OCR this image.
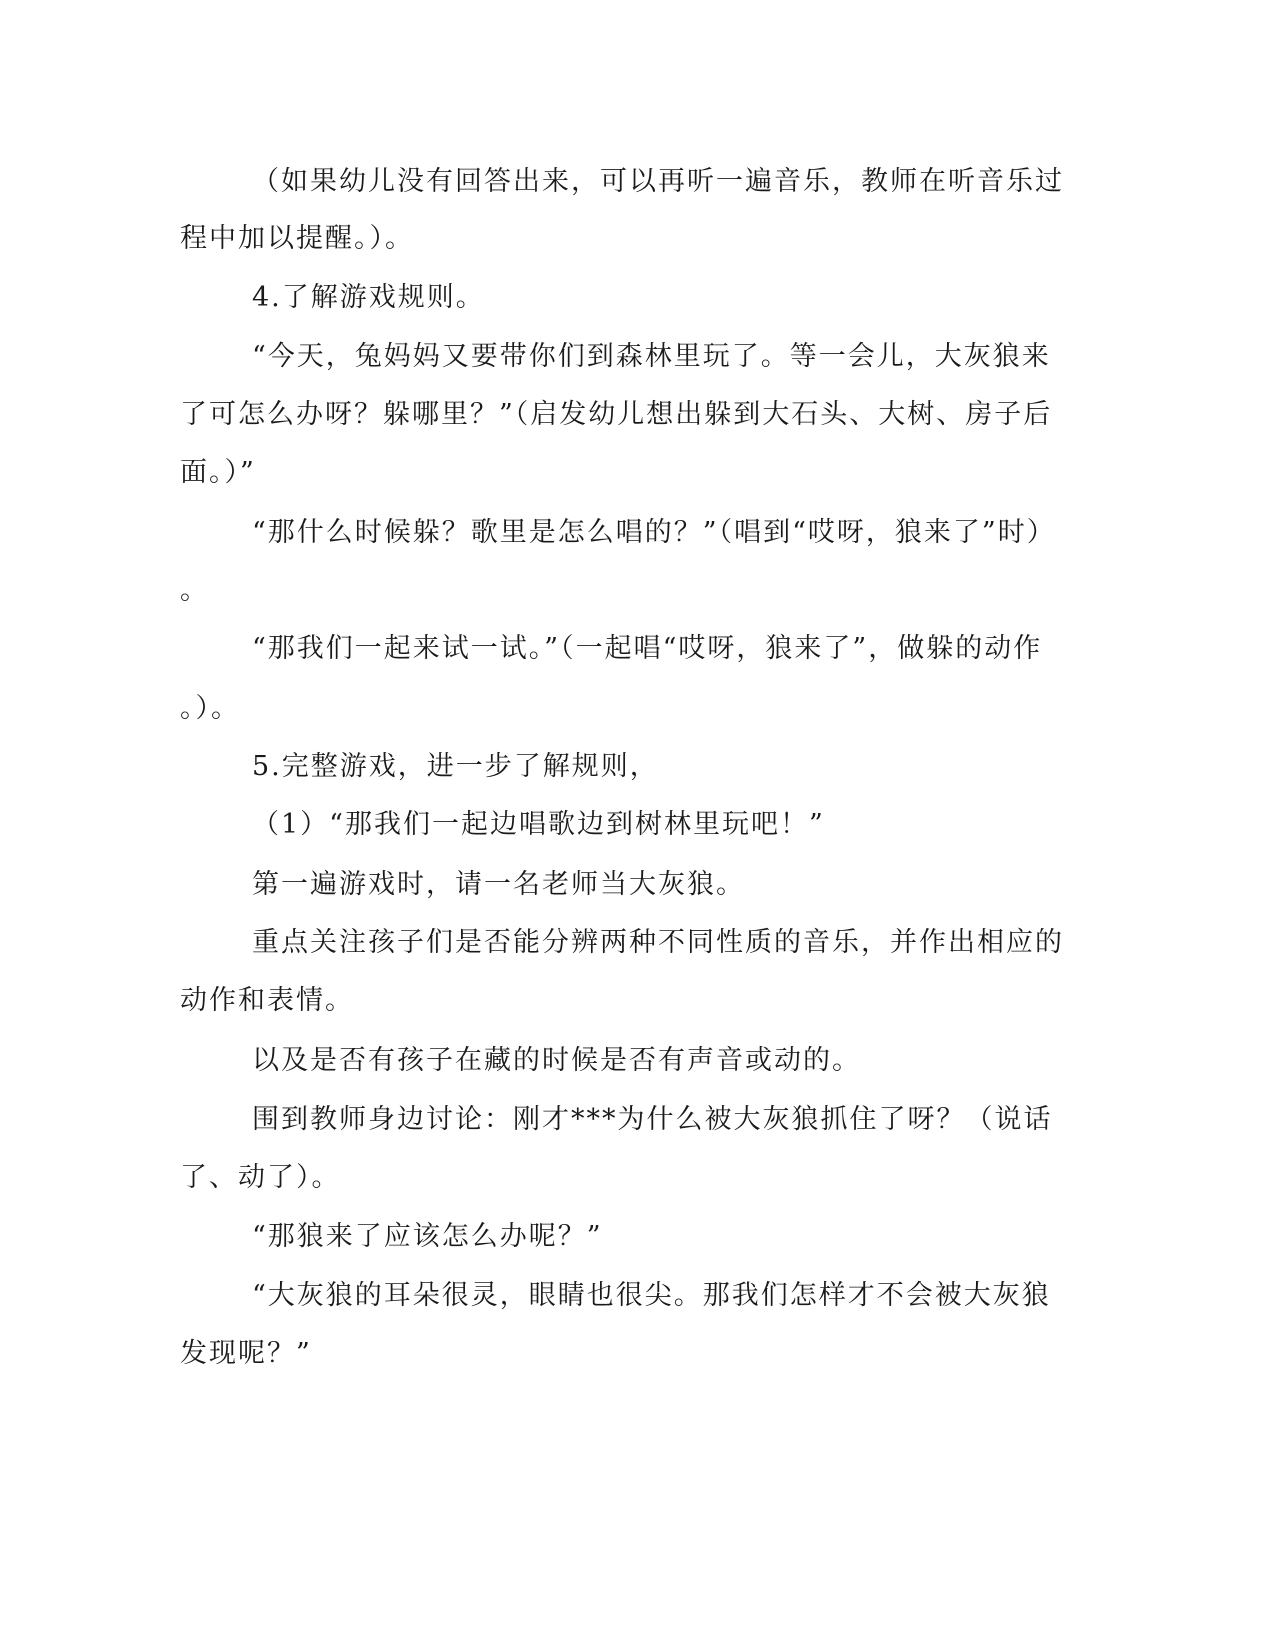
（如果幼儿没有回答出来，可以再听一遍音乐，教师在听音乐过
程中加以提醒。）。
4.了解游戏规则。
“今天，兔妈妈又要带你们到森林里玩了。等一会儿，大灰狼来
了可怎么办呀？躲哪里？”（启发幼儿想出躲到大石头、大树、房子后
面。）”
“那什么时候躲？歌里是怎么唱的？”（唱到“哎呀，狼来了”时）
。
“那我们一起来试一试。”（一起唱“哎呀，狼来了”，做躲的动作
。）。
5.完整游戏，进一步了解规则，
（1）“那我们一起边唱歌边到树林里玩吧！”
第一遍游戏时，请一名老师当大灰狼。
重点关注孩子们是否能分辨两种不同性质的音乐，并作出相应的
动作和表情。
以及是否有孩子在藏的时候是否有声音或动的。
围到教师身边讨论：刚才***为什么被大灰狼抓住了呀？（说话
了、动了）。
“那狼来了应该怎么办呢？”
“大灰狼的耳朵很灵，眼睛也很尖。那我们怎样才不会被大灰狼
发现呢？”
